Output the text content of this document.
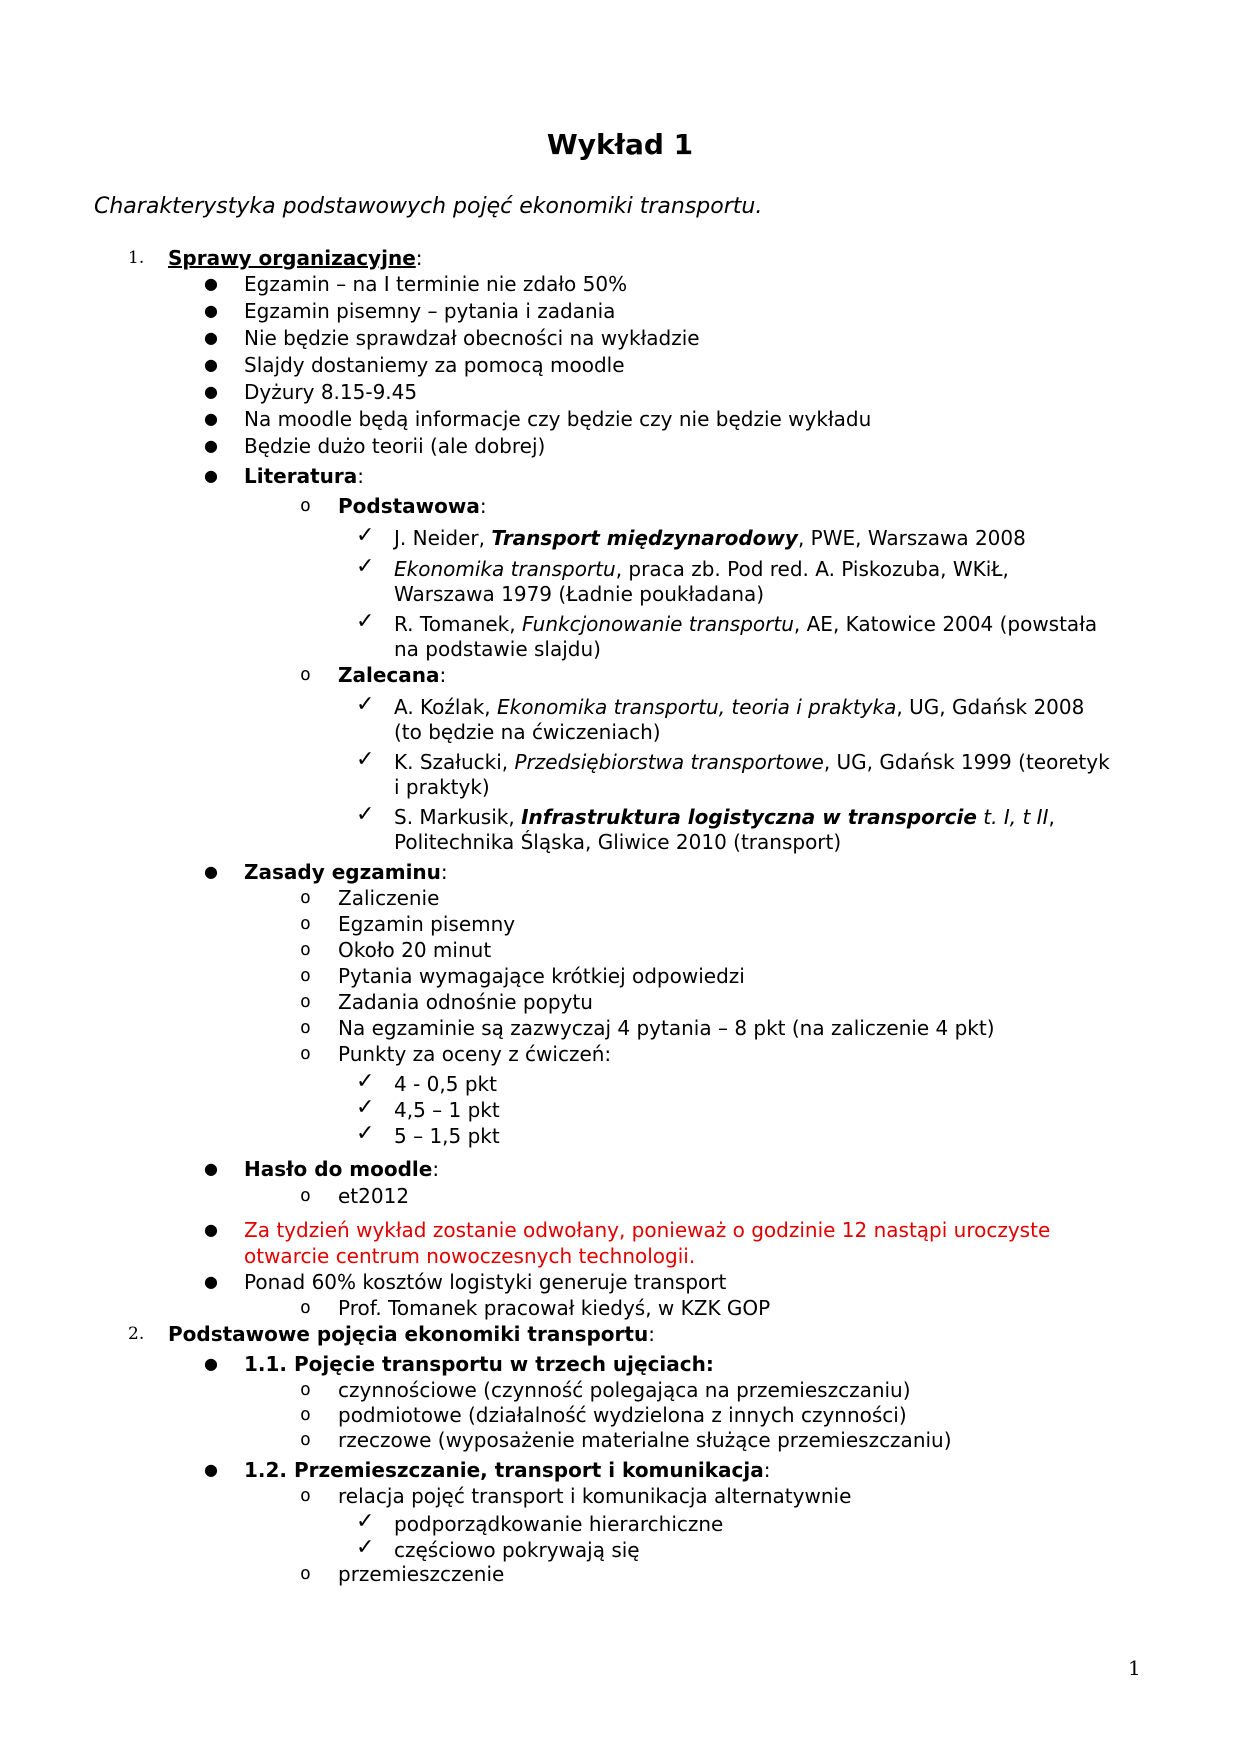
Wykład 1
Charakterystyka podstawowych pojęć ekonomiki transportu.
1. Sprawy organizacyjne:
● Egzamin – na I terminie nie zdało 50%
● Egzamin pisemny – pytania i zadania
● Nie będzie sprawdzał obecności na wykładzie
● Slajdy dostaniemy za pomocą moodle
● Dyżury 8.15-9.45
● Na moodle będą informacje czy będzie czy nie będzie wykładu
● Będzie dużo teorii (ale dobrej)
● Literatura:
o Podstawowa:
✓ J. Neider, Transport międzynarodowy, PWE, Warszawa 2008
✓ Ekonomika transportu, praca zb. Pod red. A. Piskozuba, WKiŁ,
Warszawa 1979 (Ładnie poukładana)
✓ R. Tomanek, Funkcjonowanie transportu, AE, Katowice 2004 (powstała
na podstawie slajdu)
o Zalecana:
✓ A. Koźlak, Ekonomika transportu, teoria i praktyka, UG, Gdańsk 2008
(to będzie na ćwiczeniach)
✓ K. Szałucki, Przedsiębiorstwa transportowe, UG, Gdańsk 1999 (teoretyk
i praktyk)
✓ S. Markusik, Infrastruktura logistyczna w transporcie t. I, t II,
Politechnika Śląska, Gliwice 2010 (transport)
● Zasady egzaminu:
o Zaliczenie
o Egzamin pisemny
o Około 20 minut
o Pytania wymagające krótkiej odpowiedzi
o Zadania odnośnie popytu
o Na egzaminie są zazwyczaj 4 pytania – 8 pkt (na zaliczenie 4 pkt)
o Punkty za oceny z ćwiczeń:
✓ 4 - 0,5 pkt
✓ 4,5 – 1 pkt
✓ 5 – 1,5 pkt
● Hasło do moodle:
o et2012
● Za tydzień wykład zostanie odwołany, ponieważ o godzinie 12 nastąpi uroczyste
otwarcie centrum nowoczesnych technologii.
● Ponad 60% kosztów logistyki generuje transport
o Prof. Tomanek pracował kiedyś, w KZK GOP
2. Podstawowe pojęcia ekonomiki transportu:
● 1.1. Pojęcie transportu w trzech ujęciach:
o czynnościowe (czynność polegająca na przemieszczaniu)
o podmiotowe (działalność wydzielona z innych czynności)
o rzeczowe (wyposażenie materialne służące przemieszczaniu)
● 1.2. Przemieszczanie, transport i komunikacja:
o relacja pojęć transport i komunikacja alternatywnie
✓ podporządkowanie hierarchiczne
✓ częściowo pokrywają się
o przemieszczenie
1
